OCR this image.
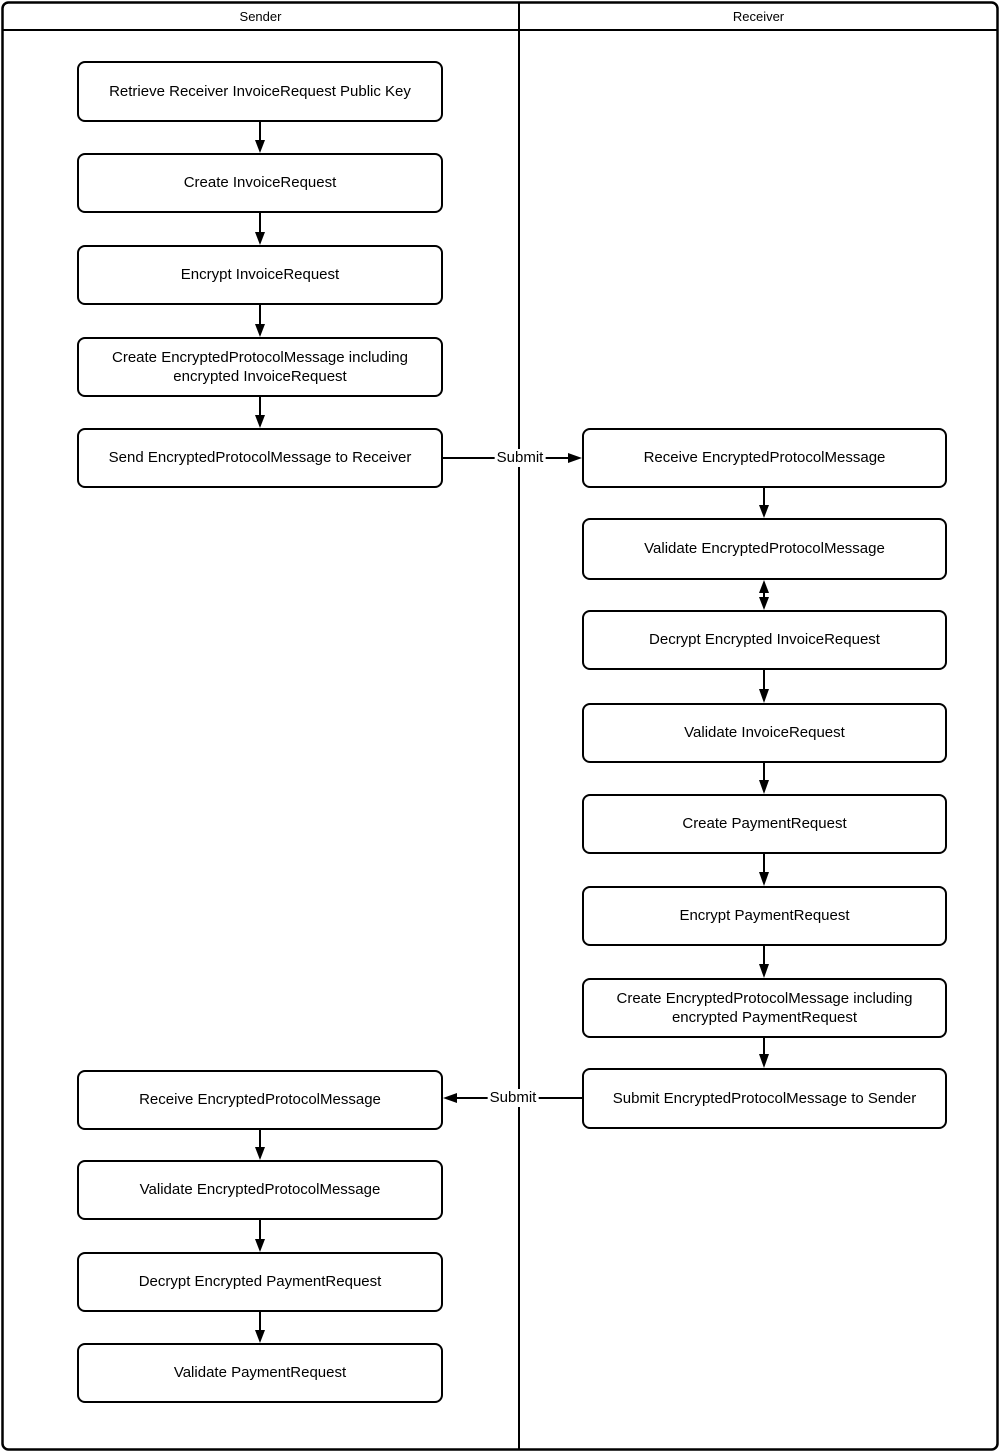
Sender	Receiver
Retrieve Receiver InvoiceRequest Public Key
Create InvoiceRequest
Encrypt InvoiceRequest
Create EncryptedProtocolMessage including encrypted InvoiceRequest
Send EncryptedProtocolMessage to Receiver
Receive EncryptedProtocolMessage
Validate EncryptedProtocolMessage
Decrypt Encrypted PaymentRequest
Validate PaymentRequest
Receive EncryptedProtocolMessage
Validate EncryptedProtocolMessage
Decrypt Encrypted InvoiceRequest
Validate InvoiceRequest
Create PaymentRequest
Encrypt PaymentRequest
Create EncryptedProtocolMessage including encrypted PaymentRequest
Submit EncryptedProtocolMessage to Sender
Submit
Submit
